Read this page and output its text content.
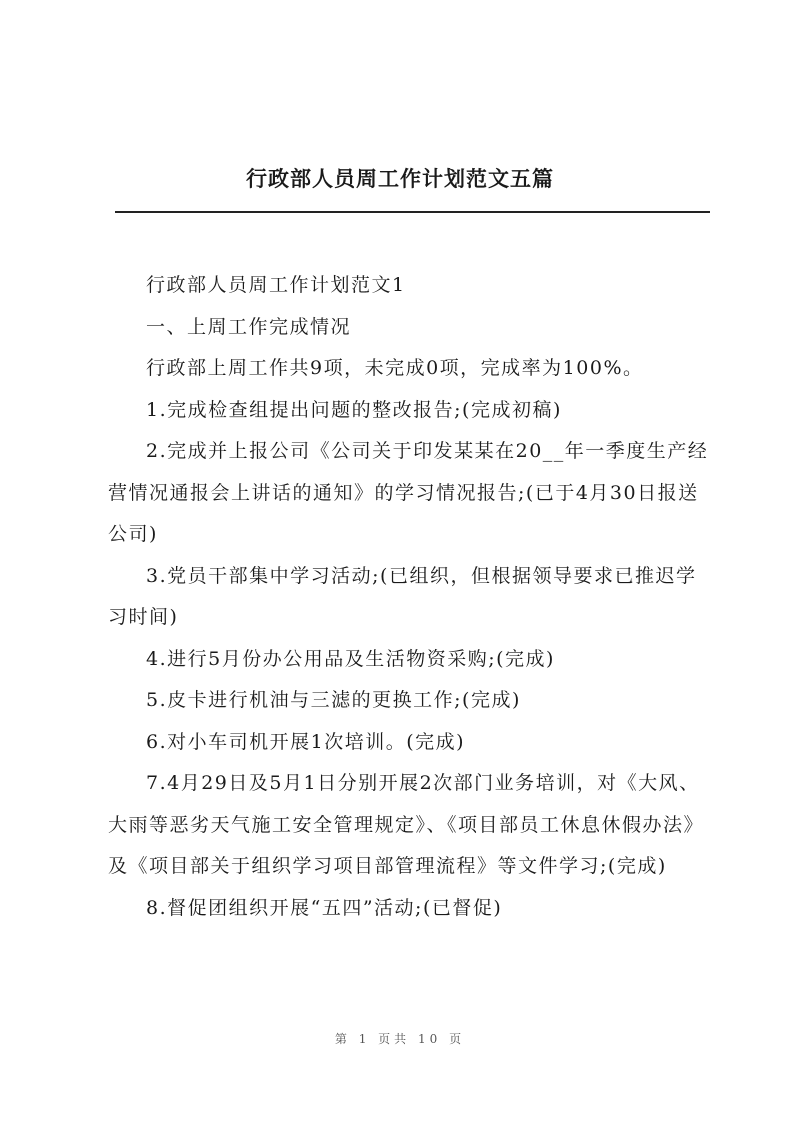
行政部人员周工作计划范文五篇

行政部人员周工作计划范文1

一、上周工作完成情况

行政部上周工作共9项，未完成0项，完成率为100%。

1.完成检查组提出问题的整改报告;(完成初稿)

2.完成并上报公司《公司关于印发某某在20__年一季度生产经营情况通报会上讲话的通知》的学习情况报告;(已于4月30日报送公司)

3.党员干部集中学习活动;(已组织，但根据领导要求已推迟学习时间)

4.进行5月份办公用品及生活物资采购;(完成)

5.皮卡进行机油与三滤的更换工作;(完成)

6.对小车司机开展1次培训。(完成)

7.4月29日及5月1日分别开展2次部门业务培训，对《大风、大雨等恶劣天气施工安全管理规定》、《项目部员工休息休假办法》及《项目部关于组织学习项目部管理流程》等文件学习;(完成)

8.督促团组织开展“五四”活动;(已督促)

第 1 页共 10 页
